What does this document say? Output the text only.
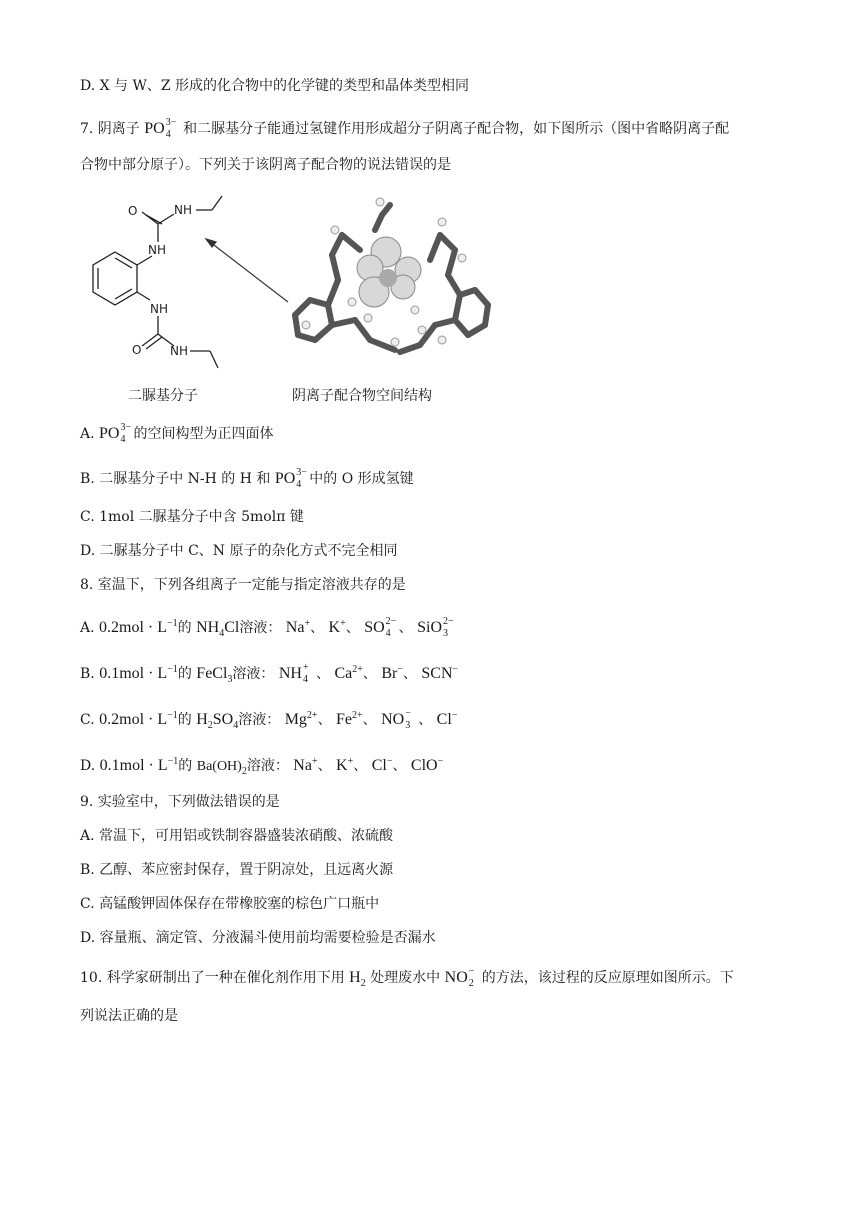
D. X 与 W、Z 形成的化合物中的化学键的类型和晶体类型相同
7. 阴离子 PO 3−
4 和二脲基分子能通过氢键作用形成超分子阴离子配合物，如下图所示（图中省略阴离子配
合物中部分原子）。下列关于该阴离子配合物的说法错误的是
O	NH
NH
NH
O NH
二脲基分子	阴离子配合物空间结构
A. PO 3−
4 的空间构型为正四面体
B. 二脲基分子中 N-H 的 H 和 PO 3−
4 中的 O 形成氢键
C. 1mol 二脲基分子中含 5molπ 键
D. 二脲基分子中 C、N 原子的杂化方式不完全相同
8. 室温下，下列各组离子一定能与指定溶液共存的是
A. $0.2mol \cdot L^{-1}$的 $NH_4Cl$溶液： Na+、 K+、 SO 2−
4 、 SiO 2−
3
B. $0.1mol \cdot L^{-1}$的 FeCl$_3$溶液： NH +
4 、 $Ca^{2+}$、 Br−、 SCN−
C. $0.2mol \cdot L^{-1}$的 $H_2SO_4$溶液： $Mg^{2+}$、 $Fe^{2+}$、 NO −
3 、 Cl−
D. $0.1mol \cdot L^{-1}$的 $Ba(OH)_2$溶液： Na+、 K+、 Cl−、 ClO−
9. 实验室中，下列做法错误的是
A. 常温下，可用铝或铁制容器盛装浓硝酸、浓硫酸
B. 乙醇、苯应密封保存，置于阴凉处，且远离火源
C. 高锰酸钾固体保存在带橡胶塞的棕色广口瓶中
D. 容量瓶、滴定管、分液漏斗使用前均需要检验是否漏水
10. 科学家研制出了一种在催化剂作用下用 $H_2$ 处理废水中 NO −
2 的方法，该过程的反应原理如图所示。下
列说法正确的是
